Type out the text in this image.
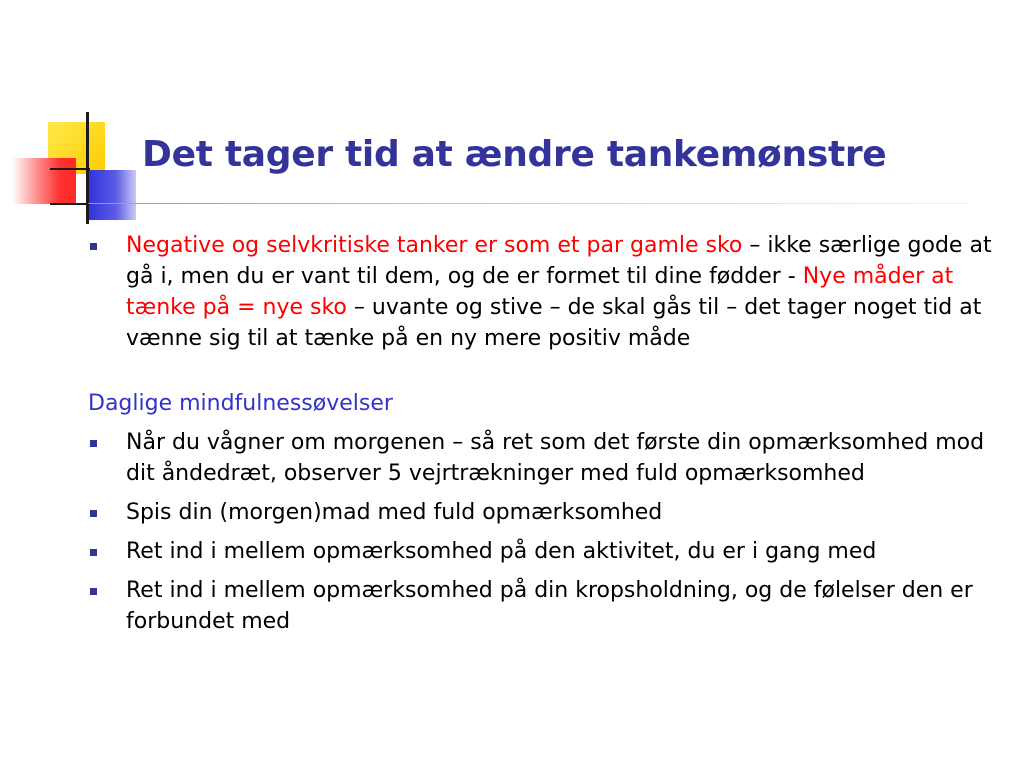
Det tager tid at ændre tankemønstre

Negative og selvkritiske tanker er som et par gamle sko – ikke særlige gode at gå i, men du er vant til dem, og de er formet til dine fødder - Nye måder at tænke på = nye sko – uvante og stive – de skal gås til – det tager noget tid at vænne sig til at tænke på en ny mere positiv måde

Daglige mindfulnessøvelser

Når du vågner om morgenen – så ret som det første din opmærksomhed mod dit åndedræt, observer 5 vejrtrækninger med fuld opmærksomhed

Spis din (morgen)mad med fuld opmærksomhed

Ret ind i mellem opmærksomhed på den aktivitet, du er i gang med

Ret ind i mellem opmærksomhed på din kropsholdning, og de følelser den er forbundet med
